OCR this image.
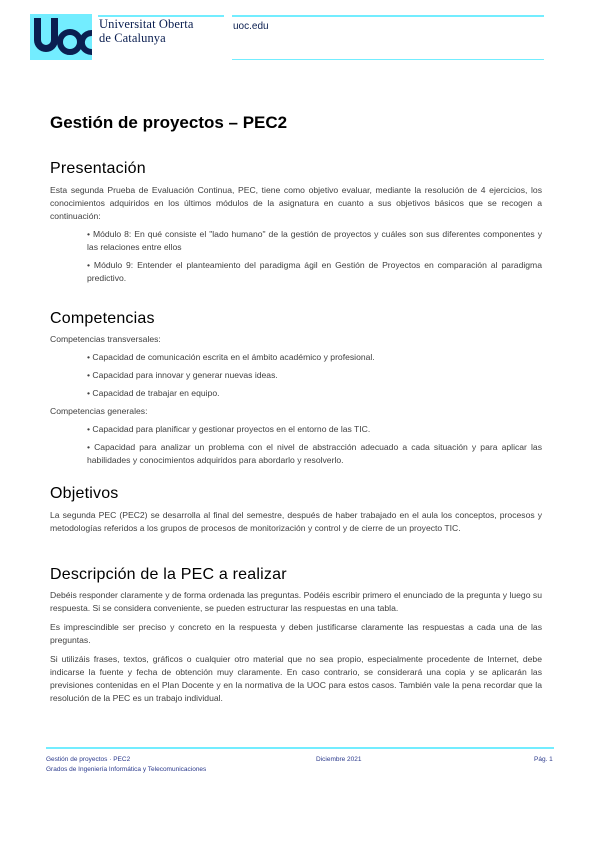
Universitat Oberta
de Catalunya
uoc.edu
Gestión de proyectos – PEC2
Presentación

Esta segunda Prueba de Evaluación Continua, PEC, tiene como objetivo evaluar, mediante la resolución de 4 ejercicios, los conocimientos adquiridos en los últimos módulos de la asignatura en cuanto a sus objetivos básicos que se recogen a continuación:

• Módulo 8: En qué consiste el "lado humano" de la gestión de proyectos y cuáles son sus diferentes componentes y las relaciones entre ellos

• Módulo 9: Entender el planteamiento del paradigma ágil en Gestión de Proyectos en comparación al paradigma predictivo.

Competencias

Competencias transversales:

• Capacidad de comunicación escrita en el ámbito académico y profesional.

• Capacidad para innovar y generar nuevas ideas.

• Capacidad de trabajar en equipo.

Competencias generales:

• Capacidad para planificar y gestionar proyectos en el entorno de las TIC.

• Capacidad para analizar un problema con el nivel de abstracción adecuado a cada situación y para aplicar las habilidades y conocimientos adquiridos para abordarlo y resolverlo.

Objetivos

La segunda PEC (PEC2) se desarrolla al final del semestre, después de haber trabajado en el aula los conceptos, procesos y metodologías referidos a los grupos de procesos de monitorización y control y de cierre de un proyecto TIC.

Descripción de la PEC a realizar

Debéis responder claramente y de forma ordenada las preguntas. Podéis escribir primero el enunciado de la pregunta y luego su respuesta. Si se considera conveniente, se pueden estructurar las respuestas en una tabla.

Es imprescindible ser preciso y concreto en la respuesta y deben justificarse claramente las respuestas a cada una de las preguntas.

Si utilizáis frases, textos, gráficos o cualquier otro material que no sea propio, especialmente procedente de Internet, debe indicarse la fuente y fecha de obtención muy claramente. En caso contrario, se considerará una copia y se aplicarán las previsiones contenidas en el Plan Docente y en la normativa de la UOC para estos casos. También vale la pena recordar que la resolución de la PEC es un trabajo individual.

Gestión de proyectos · PEC2
Grados de Ingeniería Informática y Telecomunicaciones
Diciembre 2021	Pág. 1
